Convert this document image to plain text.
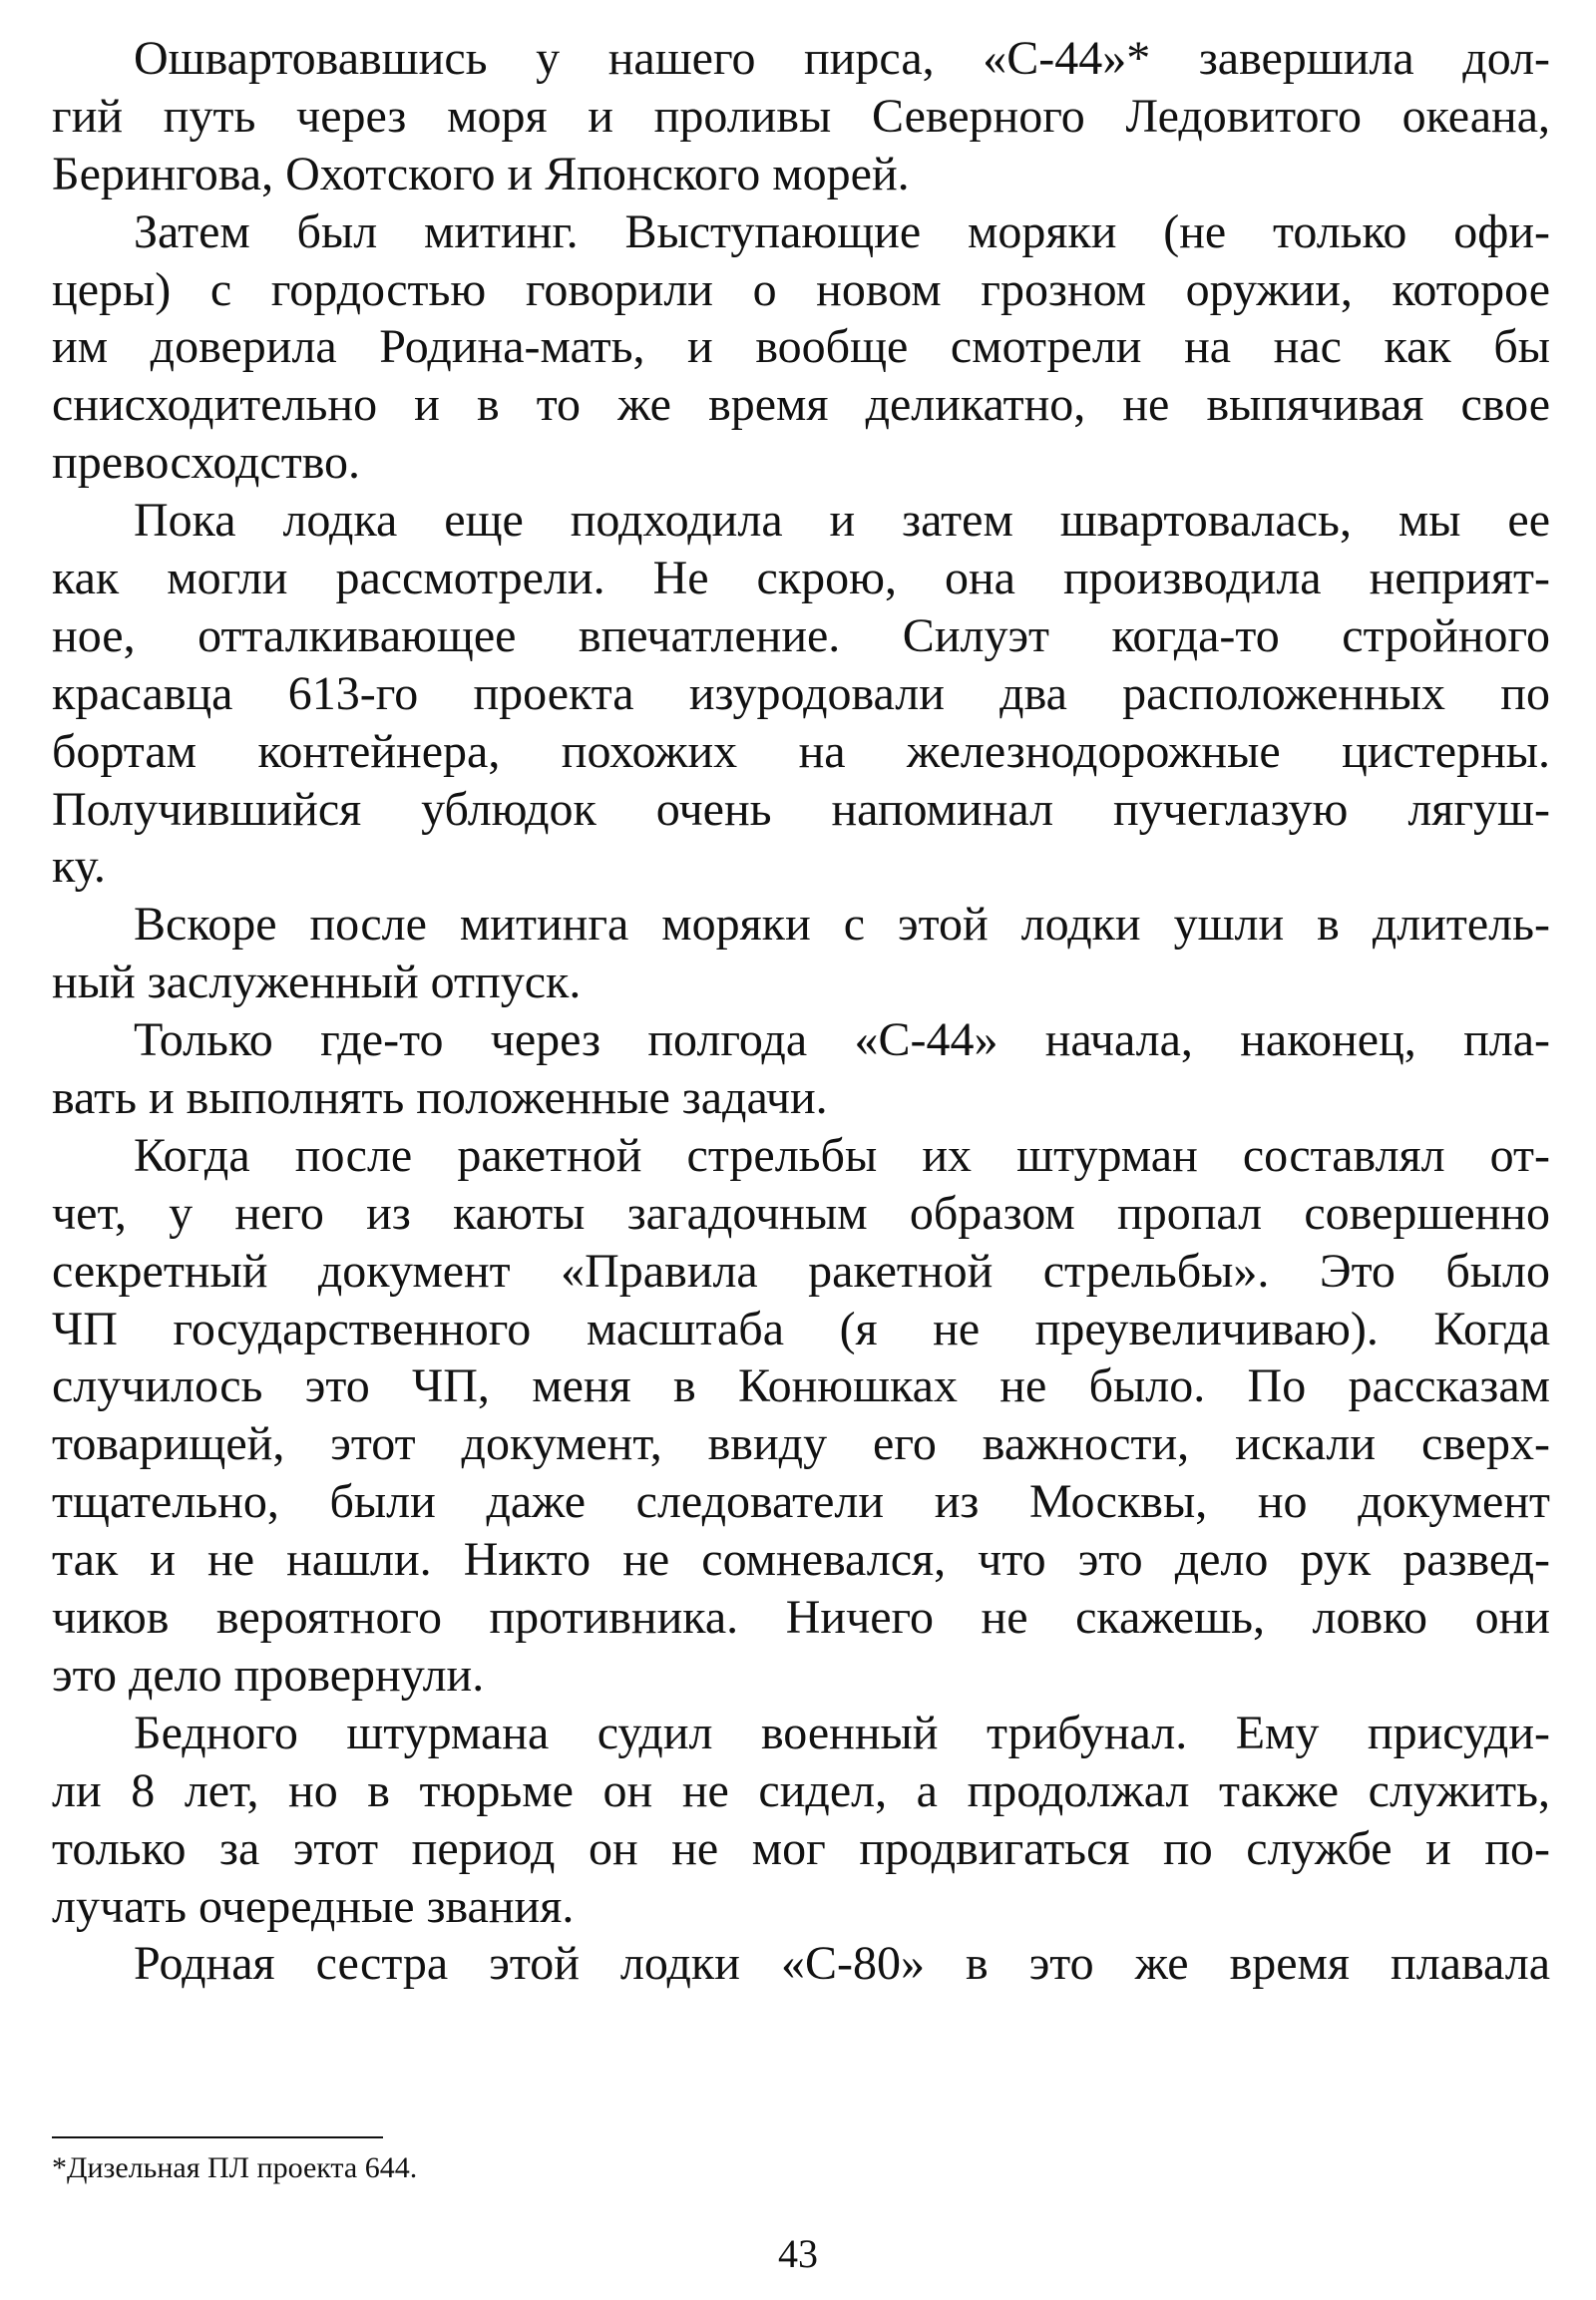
Ошвартовавшись у нашего пирса, «С-44»* завершила дол-
гий путь через моря и проливы Северного Ледовитого океана,
Берингова, Охотского и Японского морей.
Затем был митинг. Выступающие моряки (не только офи-
церы) с гордостью говорили о новом грозном оружии, которое
им доверила Родина-мать, и вообще смотрели на нас как бы
снисходительно и в то же время деликатно, не выпячивая свое
превосходство.
Пока лодка еще подходила и затем швартовалась, мы ее
как могли рассмотрели. Не скрою, она производила неприят-
ное, отталкивающее впечатление. Силуэт когда-то стройного
красавца 613-го проекта изуродовали два расположенных по
бортам контейнера, похожих на железнодорожные цистерны.
Получившийся ублюдок очень напоминал пучеглазую лягуш-
ку.
Вскоре после митинга моряки с этой лодки ушли в длитель-
ный заслуженный отпуск.
Только где-то через полгода «С-44» начала, наконец, пла-
вать и выполнять положенные задачи.
Когда после ракетной стрельбы их штурман составлял от-
чет, у него из каюты загадочным образом пропал совершенно
секретный документ «Правила ракетной стрельбы». Это было
ЧП государственного масштаба (я не преувеличиваю). Когда
случилось это ЧП, меня в Конюшках не было. По рассказам
товарищей, этот документ, ввиду его важности, искали сверх-
тщательно, были даже следователи из Москвы, но документ
так и не нашли. Никто не сомневался, что это дело рук развед-
чиков вероятного противника. Ничего не скажешь, ловко они
это дело провернули.
Бедного штурмана судил военный трибунал. Ему присуди-
ли 8 лет, но в тюрьме он не сидел, а продолжал также служить,
только за этот период он не мог продвигаться по службе и по-
лучать очередные звания.
Родная сестра этой лодки «С-80» в это же время плавала
*Дизельная ПЛ проекта 644.
43
